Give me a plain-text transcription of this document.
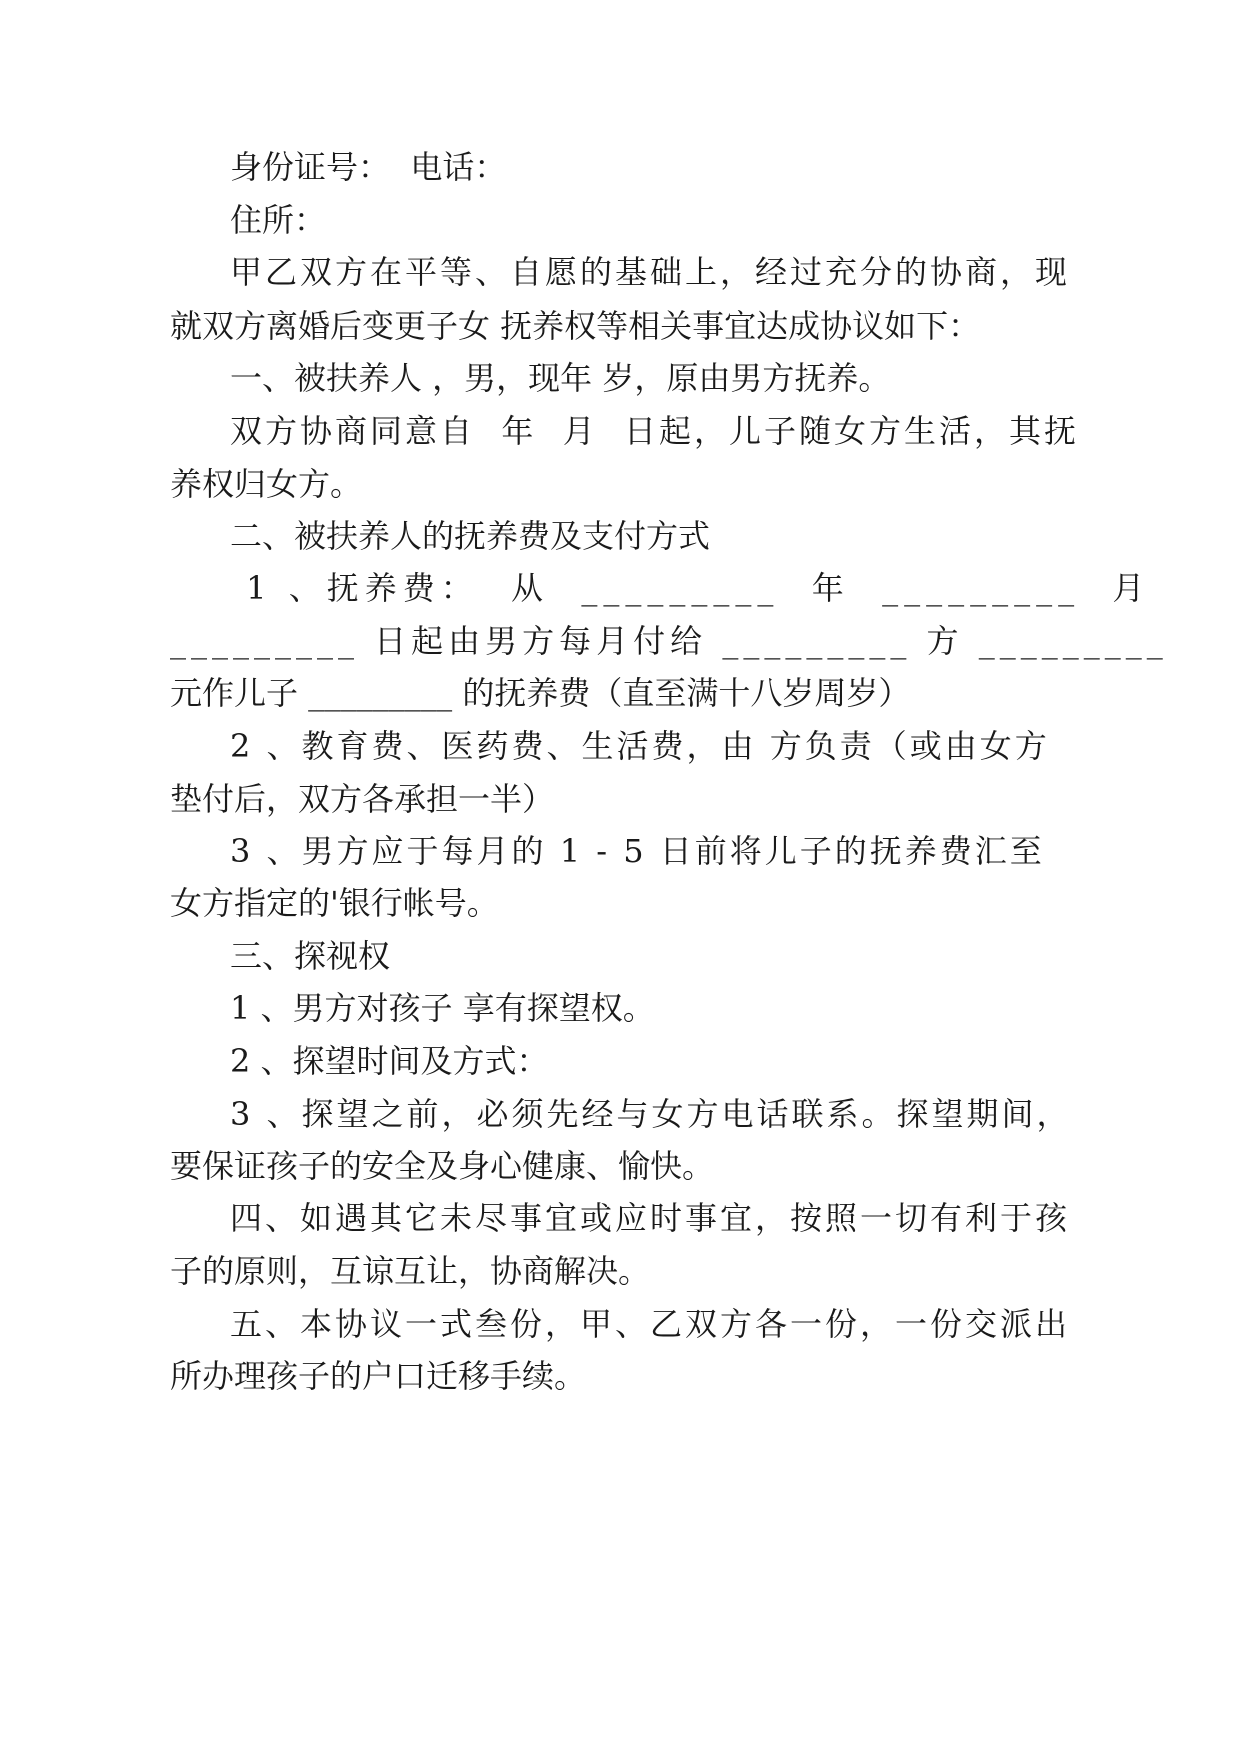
身份证号：  电话：
住所：
甲乙双方在平等、自愿的基础上，经过充分的协商，现
就双方离婚后变更子女 抚养权等相关事宜达成协议如下：
一、被扶养人 ，男，现年 岁，原由男方抚养。
双方协商同意自  年  月  日起，儿子随女方生活，其抚
养权归女方。
二、被扶养人的抚养费及支付方式
1 、抚养费：  从  _________  年  _________  月
_________ 日起由男方每月付给 _________ 方 _________
元作儿子 _________ 的抚养费（直至满十八岁周岁）
2 、教育费、医药费、生活费，由 方负责（或由女方
垫付后，双方各承担一半）
3 、男方应于每月的 1 - 5 日前将儿子的抚养费汇至
女方指定的'银行帐号。
三、探视权
1 、男方对孩子 享有探望权。
2 、探望时间及方式：
3 、探望之前，必须先经与女方电话联系。探望期间，
要保证孩子的安全及身心健康、愉快。
四、如遇其它未尽事宜或应时事宜，按照一切有利于孩
子的原则，互谅互让，协商解决。
五、本协议一式叁份，甲、乙双方各一份，一份交派出
所办理孩子的户口迁移手续。
